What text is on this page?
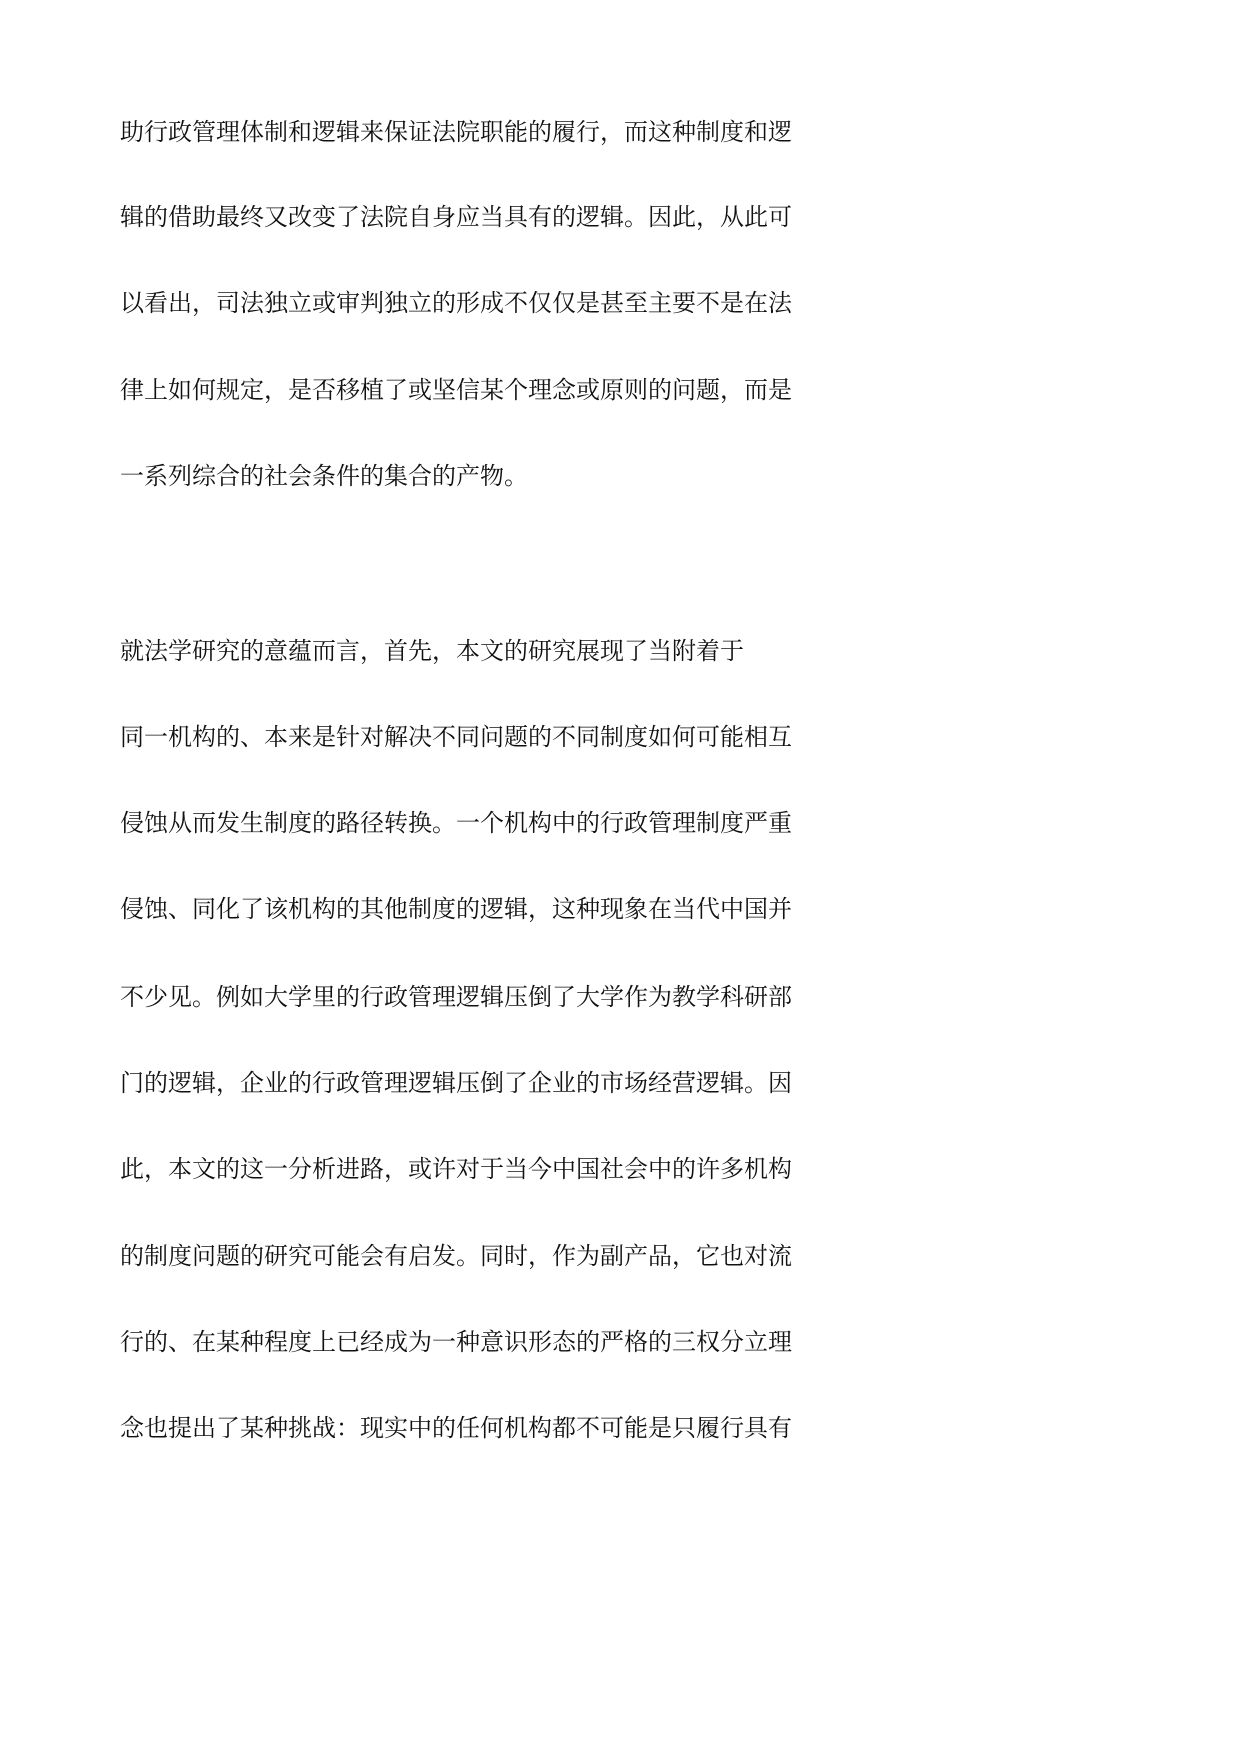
助行政管理体制和逻辑来保证法院职能的履行，而这种制度和逻
辑的借助最终又改变了法院自身应当具有的逻辑。因此，从此可
以看出，司法独立或审判独立的形成不仅仅是甚至主要不是在法
律上如何规定，是否移植了或坚信某个理念或原则的问题，而是
一系列综合的社会条件的集合的产物。
就法学研究的意蕴而言，首先，本文的研究展现了当附着于
同一机构的、本来是针对解决不同问题的不同制度如何可能相互
侵蚀从而发生制度的路径转换。一个机构中的行政管理制度严重
侵蚀、同化了该机构的其他制度的逻辑，这种现象在当代中国并
不少见。例如大学里的行政管理逻辑压倒了大学作为教学科研部
门的逻辑，企业的行政管理逻辑压倒了企业的市场经营逻辑。因
此，本文的这一分析进路，或许对于当今中国社会中的许多机构
的制度问题的研究可能会有启发。同时，作为副产品，它也对流
行的、在某种程度上已经成为一种意识形态的严格的三权分立理
念也提出了某种挑战：现实中的任何机构都不可能是只履行具有
